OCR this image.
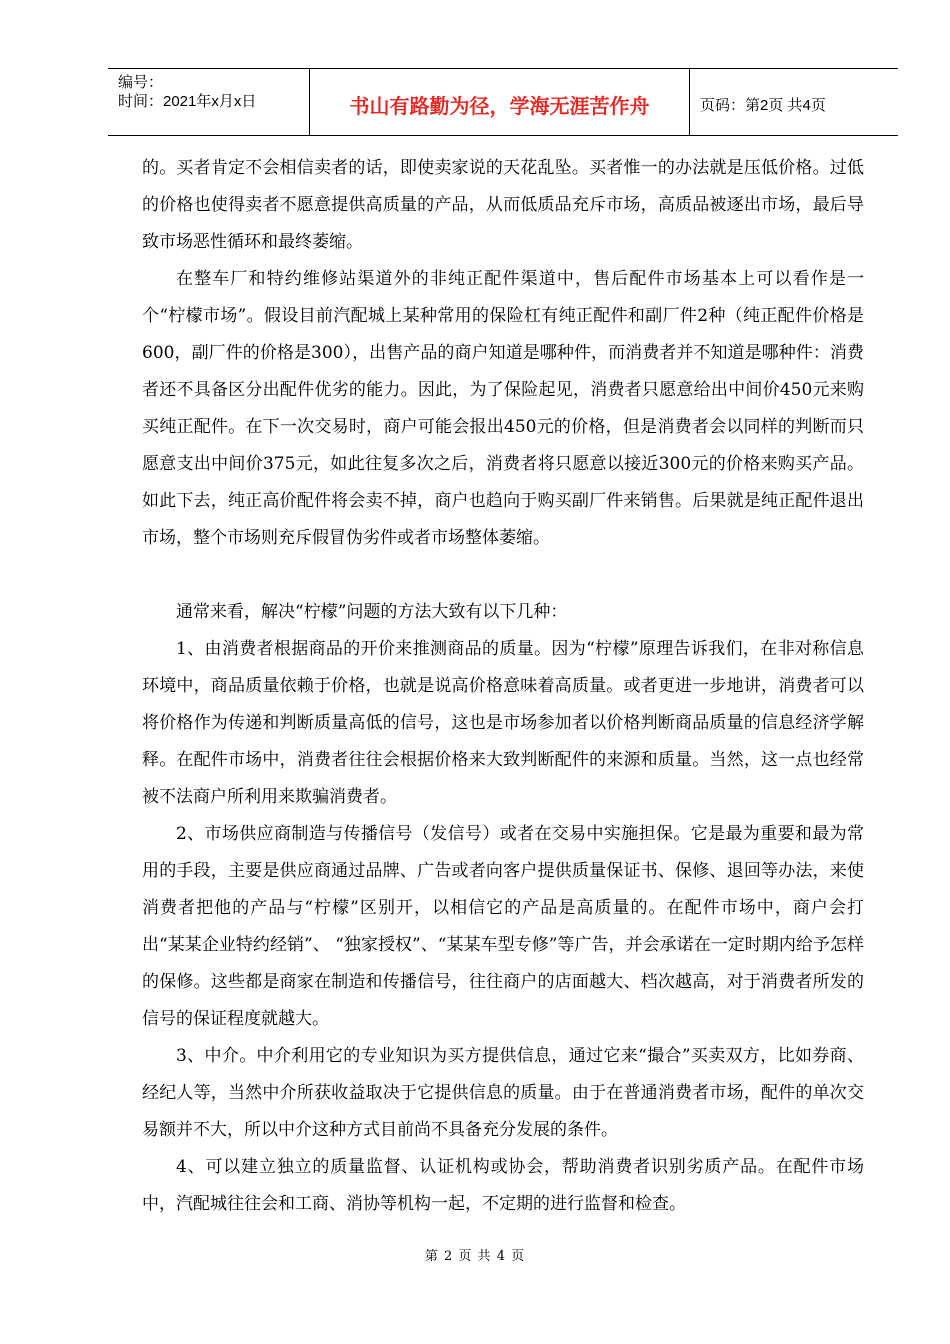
编号：
时间：2021年x月x日	书山有路勤为径，学海无涯苦作舟	页码：第2页 共4页

的。买者肯定不会相信卖者的话，即使卖家说的天花乱坠。买者惟一的办法就是压低价格。过低的价格也使得卖者不愿意提供高质量的产品，从而低质品充斥市场，高质品被逐出市场，最后导致市场恶性循环和最终萎缩。

在整车厂和特约维修站渠道外的非纯正配件渠道中，售后配件市场基本上可以看作是一个“柠檬市场”。假设目前汽配城上某种常用的保险杠有纯正配件和副厂件2种（纯正配件价格是600，副厂件的价格是300），出售产品的商户知道是哪种件，而消费者并不知道是哪种件：消费者还不具备区分出配件优劣的能力。因此，为了保险起见，消费者只愿意给出中间价450元来购买纯正配件。在下一次交易时，商户可能会报出450元的价格，但是消费者会以同样的判断而只愿意支出中间价375元，如此往复多次之后，消费者将只愿意以接近300元的价格来购买产品。如此下去，纯正高价配件将会卖不掉，商户也趋向于购买副厂件来销售。后果就是纯正配件退出市场，整个市场则充斥假冒伪劣件或者市场整体萎缩。

通常来看，解决“柠檬”问题的方法大致有以下几种：

1、由消费者根据商品的开价来推测商品的质量。因为“柠檬”原理告诉我们，在非对称信息环境中，商品质量依赖于价格，也就是说高价格意味着高质量。或者更进一步地讲，消费者可以将价格作为传递和判断质量高低的信号，这也是市场参加者以价格判断商品质量的信息经济学解释。在配件市场中，消费者往往会根据价格来大致判断配件的来源和质量。当然，这一点也经常被不法商户所利用来欺骗消费者。

2、市场供应商制造与传播信号（发信号）或者在交易中实施担保。它是最为重要和最为常用的手段，主要是供应商通过品牌、广告或者向客户提供质量保证书、保修、退回等办法，来使消费者把他的产品与“柠檬”区别开，以相信它的产品是高质量的。在配件市场中，商户会打出“某某企业特约经销”、 “独家授权”、“某某车型专修”等广告，并会承诺在一定时期内给予怎样的保修。这些都是商家在制造和传播信号，往往商户的店面越大、档次越高，对于消费者所发的信号的保证程度就越大。

3、中介。中介利用它的专业知识为买方提供信息，通过它来“撮合”买卖双方，比如券商、经纪人等，当然中介所获收益取决于它提供信息的质量。由于在普通消费者市场，配件的单次交易额并不大，所以中介这种方式目前尚不具备充分发展的条件。

4、可以建立独立的质量监督、认证机构或协会，帮助消费者识别劣质产品。在配件市场中，汽配城往往会和工商、消协等机构一起，不定期的进行监督和检查。

第 2 页 共 4 页
